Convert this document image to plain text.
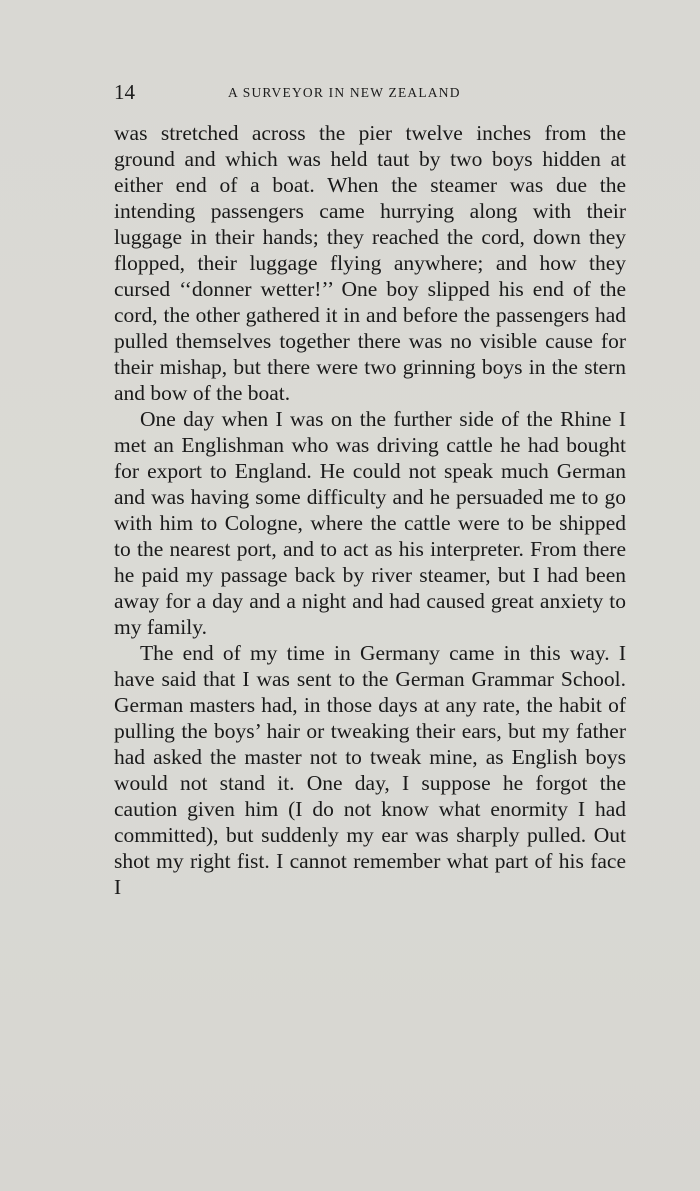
14	A SURVEYOR IN NEW ZEALAND

was stretched across the pier twelve inches from the ground and which was held taut by two boys hidden at either end of a boat. When the steamer was due the intending passengers came hurrying along with their luggage in their hands; they reached the cord, down they flopped, their luggage flying anywhere; and how they cursed ‘‘donner wetter!’’ One boy slipped his end of the cord, the other gathered it in and before the passengers had pulled themselves together there was no visible cause for their mishap, but there were two grinning boys in the stern and bow of the boat.

One day when I was on the further side of the Rhine I met an Englishman who was driving cattle he had bought for export to England. He could not speak much German and was having some difficulty and he persuaded me to go with him to Cologne, where the cattle were to be shipped to the nearest port, and to act as his interpreter. From there he paid my passage back by river steamer, but I had been away for a day and a night and had caused great anxiety to my family.

The end of my time in Germany came in this way. I have said that I was sent to the German Grammar School. German masters had, in those days at any rate, the habit of pulling the boys’ hair or tweaking their ears, but my father had asked the master not to tweak mine, as English boys would not stand it. One day, I suppose he forgot the caution given him (I do not know what enormity I had committed), but suddenly my ear was sharply pulled. Out shot my right fist. I cannot remember what part of his face I
